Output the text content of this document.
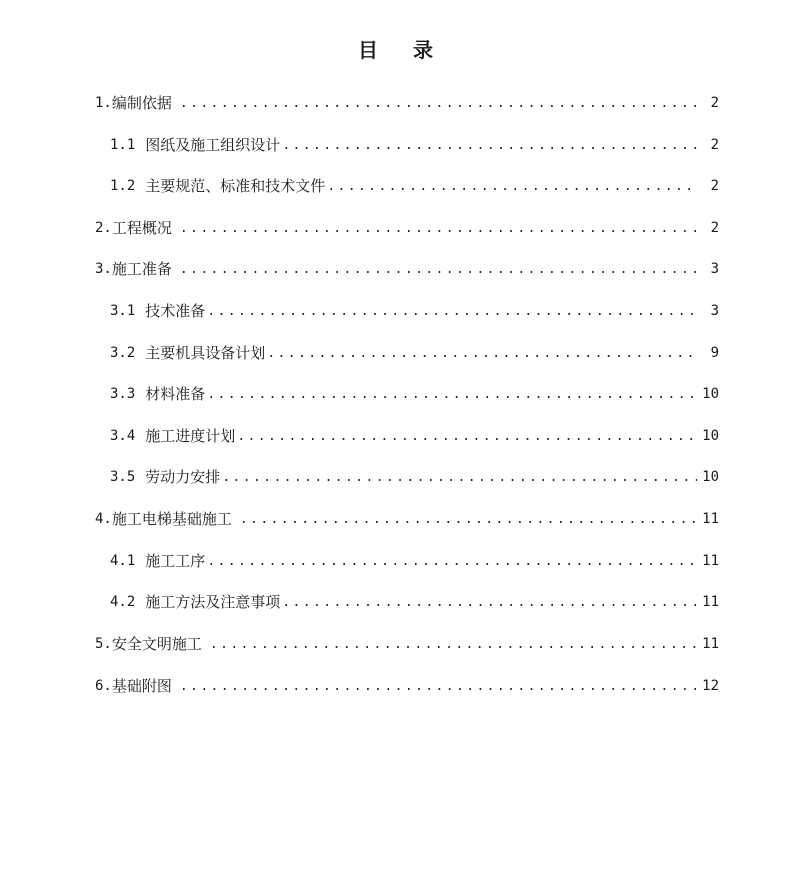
目 录
1. 编制依据 .....	2
1.1 图纸及施工组织设计 .....	2
1.2 主要规范、标准和技术文件 .....	2
2. 工程概况 .....	2
3. 施工准备 .....	3
3.1 技术准备 .....	3
3.2 主要机具设备计划 .....	9
3.3 材料准备 .....	10
3.4 施工进度计划 .....	10
3.5 劳动力安排 .....	10
4. 施工电梯基础施工 .....	11
4.1 施工工序 .....	11
4.2 施工方法及注意事项 .....	11
5. 安全文明施工 .....	11
6. 基础附图 .....	12
